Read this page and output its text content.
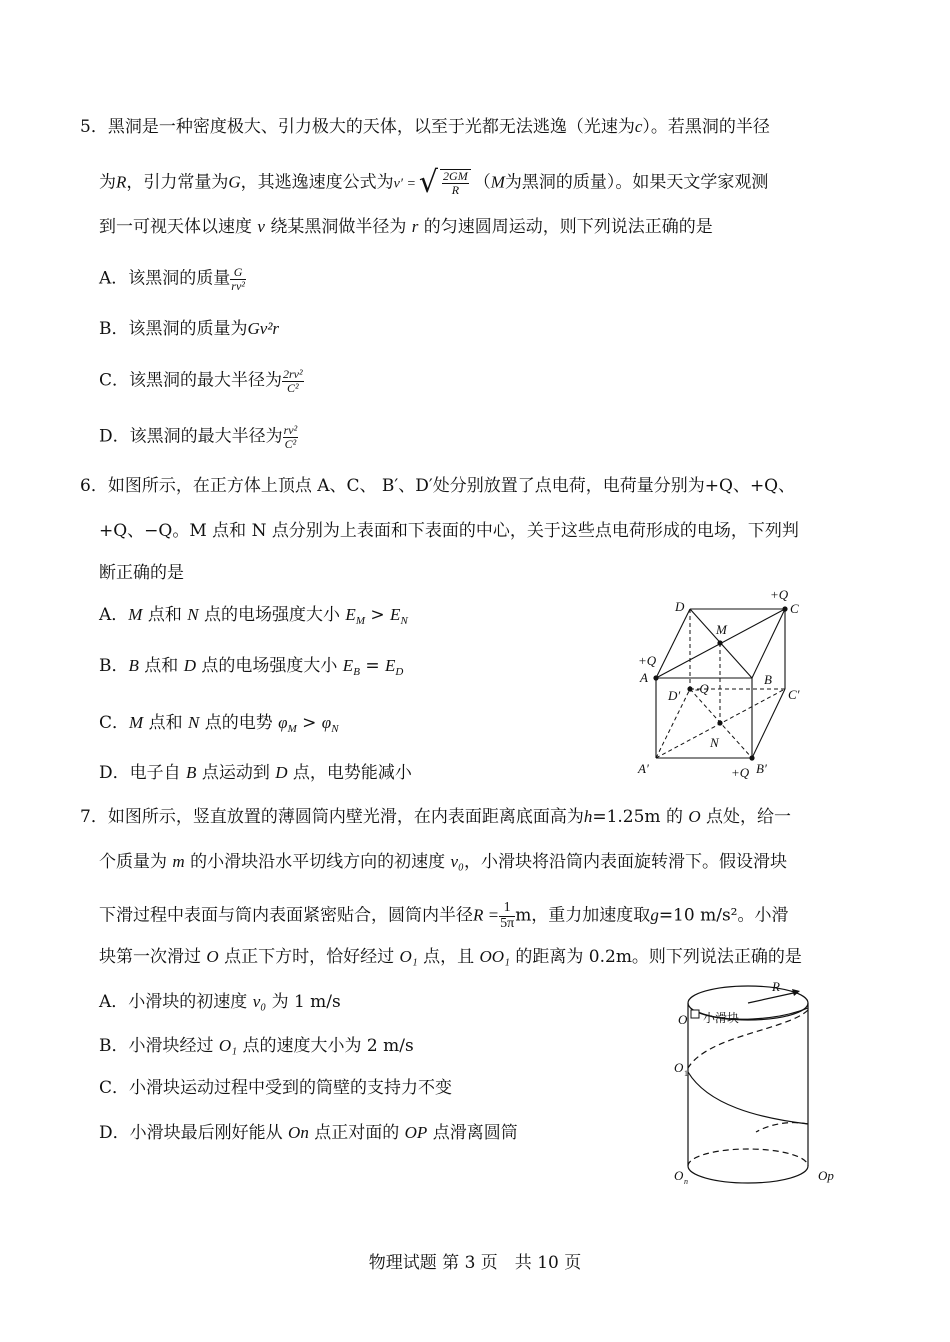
5．黑洞是一种密度极大、引力极大的天体，以至于光都无法逃逸（光速为c）。若黑洞的半径
为R，引力常量为G，其逃逸速度公式为v′ = √ $\frac{2GM}{R} (M$为黑洞的质量）。如果天文学家观测
到一可视天体以速度 v 绕某黑洞做半径为 r 的匀速圆周运动，则下列说法正确的是
A．该黑洞的质量 $\frac{G}{\text{rv²}}$
B．该黑洞的质量为Gv²r
C．该黑洞的最大半径为 $\frac{\text{2rv²}}{\text{C²}}$
D．该黑洞的最大半径为 $\frac{\text{rv²}}{\text{C²}}$
6．如图所示，在正方体上顶点 A、C、 B′、D′处分别放置了点电荷，电荷量分别为+Q、+Q、
+Q、−Q。M 点和 N 点分别为上表面和下表面的中心，关于这些点电荷形成的电场，下列判
断正确的是
A．M 点和 N 点的电场强度大小 $E_M > E_N$
B．B 点和 D 点的电场强度大小 $E_B = E_D$
C．M 点和 N 点的电势 $\varphi_M > \varphi_N$
D．电子自 B 点运动到 D 点，电势能减小
D	C
+Q
M
+Q
A	B
D′ -Q	C′
N
A′	+Q B′
7．如图所示，竖直放置的薄圆筒内壁光滑，在内表面距离底面高为h=1.25m 的 O 点处，给一
个质量为 m 的小滑块沿水平切线方向的初速度 v₀，小滑块将沿筒内表面旋转滑下。假设滑块
下滑过程中表面与筒内表面紧密贴合，圆筒内半径$R = \frac{1}{5\pi}$ m，重力加速度取g=10 m/s²。小滑
块第一次滑过 O 点正下方时，恰好经过 O₁ 点，且 OO₁ 的距离为 0.2m。则下列说法正确的是
A．小滑块的初速度 v₀ 为 1 m/s
B．小滑块经过 O₁ 点的速度大小为 2 m/s
C．小滑块运动过程中受到的筒壁的支持力不变
D．小滑块最后刚好能从 On 点正对面的 OP 点滑离圆筒
R
O 小滑块
O 1
O n	Op
物理试题 第 3 页　共 10 页
